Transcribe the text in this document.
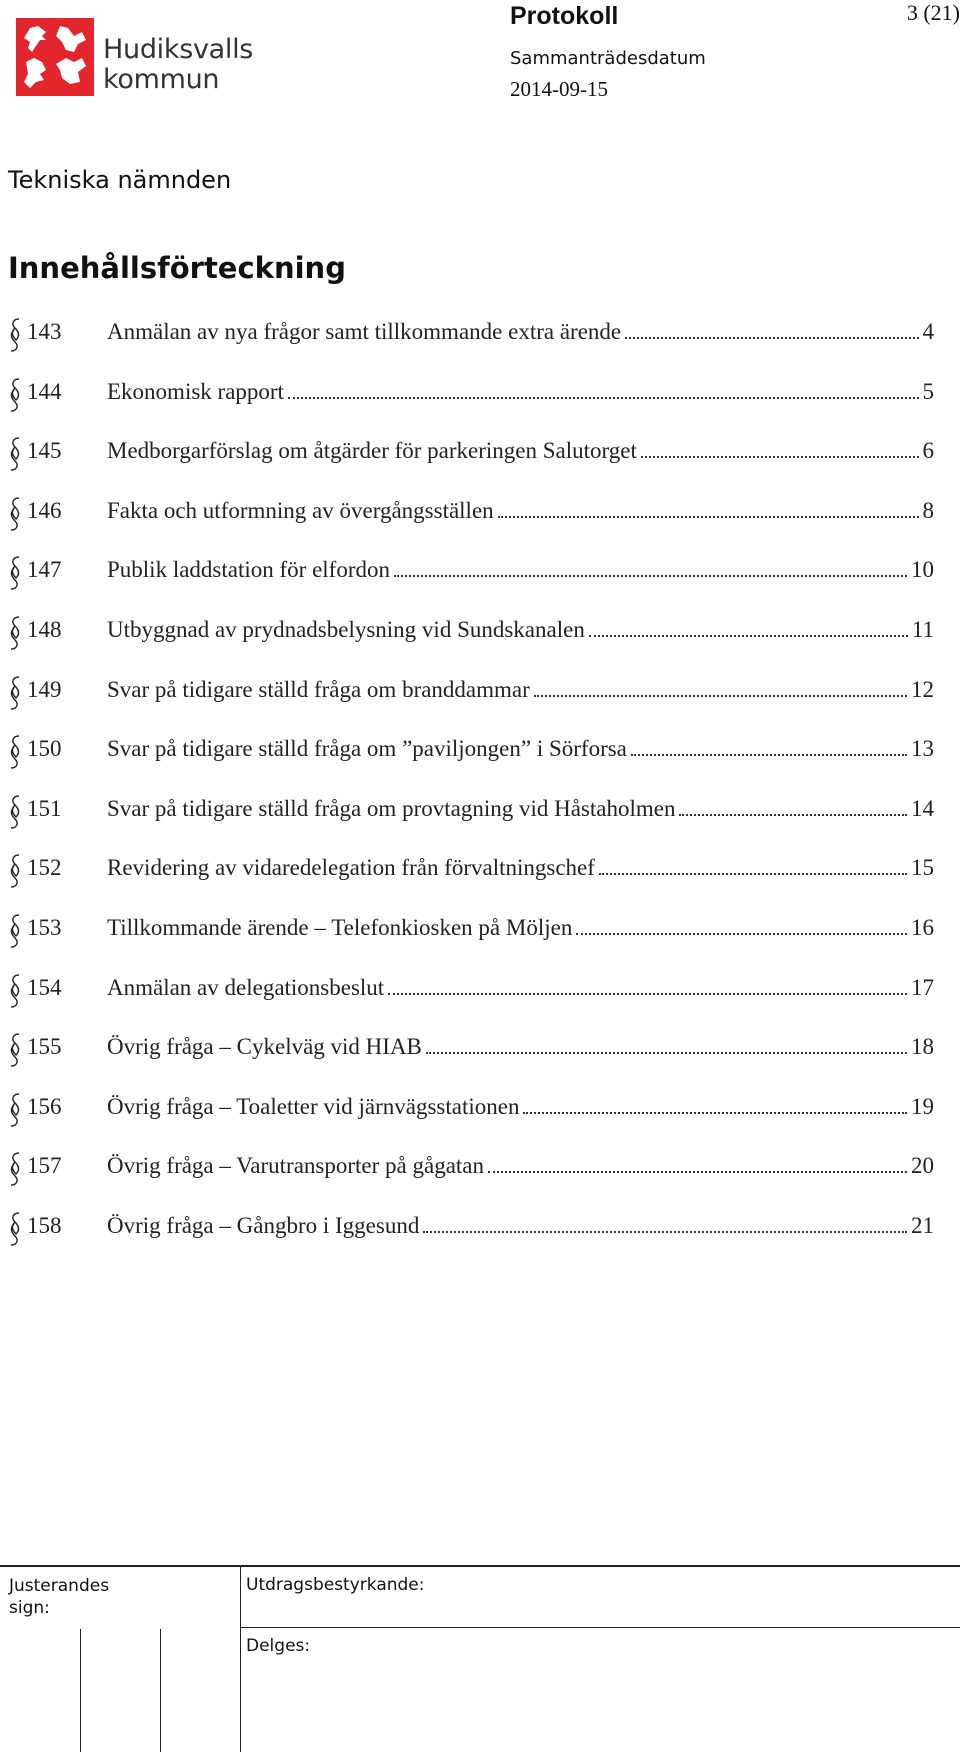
Hudiksvalls
kommun
Protokoll	3 (21)
Sammanträdesdatum
2014-09-15
Tekniska nämnden
Innehållsförteckning
143 Anmälan av nya frågor samt tillkommande extra ärende	4
144 Ekonomisk rapport	5
145 Medborgarförslag om åtgärder för parkeringen Salutorget	6
146 Fakta och utformning av övergångsställen	8
147 Publik laddstation för elfordon	10
148 Utbyggnad av prydnadsbelysning vid Sundskanalen	11
149 Svar på tidigare ställd fråga om branddammar	12
150 Svar på tidigare ställd fråga om ”paviljongen” i Sörforsa	13
151 Svar på tidigare ställd fråga om provtagning vid Håstaholmen	14
152 Revidering av vidaredelegation från förvaltningschef	15
153 Tillkommande ärende – Telefonkiosken på Möljen	16
154 Anmälan av delegationsbeslut	17
155 Övrig fråga – Cykelväg vid HIAB	18
156 Övrig fråga – Toaletter vid järnvägsstationen	19
157 Övrig fråga – Varutransporter på gågatan	20
158 Övrig fråga – Gångbro i Iggesund	21
Justerandes
sign:
Utdragsbestyrkande:
Delges:
